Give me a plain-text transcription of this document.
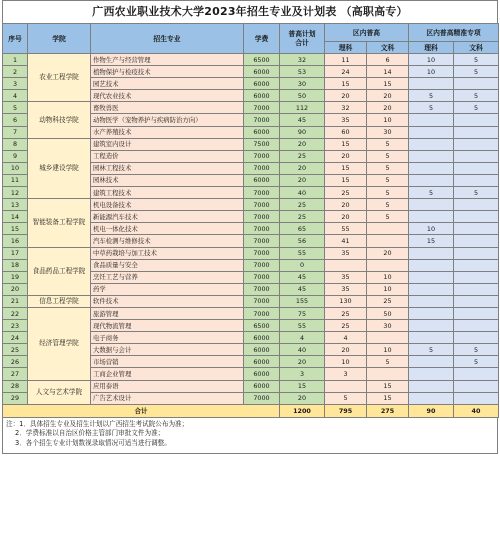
广西农业职业技术大学2023年招生专业及计划表 （高职高专）
序号	学院	招生专业	学费	普高计划
合计	区内普高		区内普高精准专项	
					理科	文科	理科	文科
1	农业工程学院	作物生产与经营管理	6500	32	11	6	10	5
2		植物保护与检疫技术	6000	53	24	14	10	5
3		园艺技术	6000	30	15	15		
4		现代农业技术	6000	50	20	20	5	5
5	动物科技学院	畜牧兽医	7000	112	32	20	5	5
6		动物医学（宠物养护与疾病防治方向）	7000	45	35	10		
7		水产养殖技术	6000	90	60	30		
8	城乡建设学院	建筑室内设计	7500	20	15	5		
9		工程造价	7000	25	20	5		
10		园林工程技术	7000	20	15	5		
11		园林技术	6000	20	15	5		
12		建筑工程技术	7000	40	25	5	5	5
13	智能装备工程学院	机电设备技术	7000	25	20	5		
14		新能源汽车技术	7000	25	20	5		
15		机电一体化技术	7000	65	55		10	
16		汽车检测与维修技术	7000	56	41		15	
17	食品药品工程学院	中草药栽培与加工技术	7000	55	35	20		
18		食品质量与安全	7000	0				
19		烹饪工艺与营养	7000	45	35	10		
20		药学	7000	45	35	10		
21	信息工程学院	软件技术	7000	155	130	25		
22	经济管理学院	旅游管理	7000	75	25	50		
23		现代物流管理	6500	55	25	30		
24		电子商务	6000	4	4			
25		大数据与会计	6000	40	20	10	5	5
26		市场营销	6000	20	10	5		5
27		工商企业管理	6000	3	3			
28	人文与艺术学院	应用泰语	6000	15		15		
29		广告艺术设计	7000	20	5	15		
合计				1200	795	275	90	40
注：1．具体招生专业及招生计划以广西招生考试院公布为准；
2．学费标准以自治区价格主管部门审批文件为准；
3．各个招生专业计划数视录取情况可适当进行调整。
